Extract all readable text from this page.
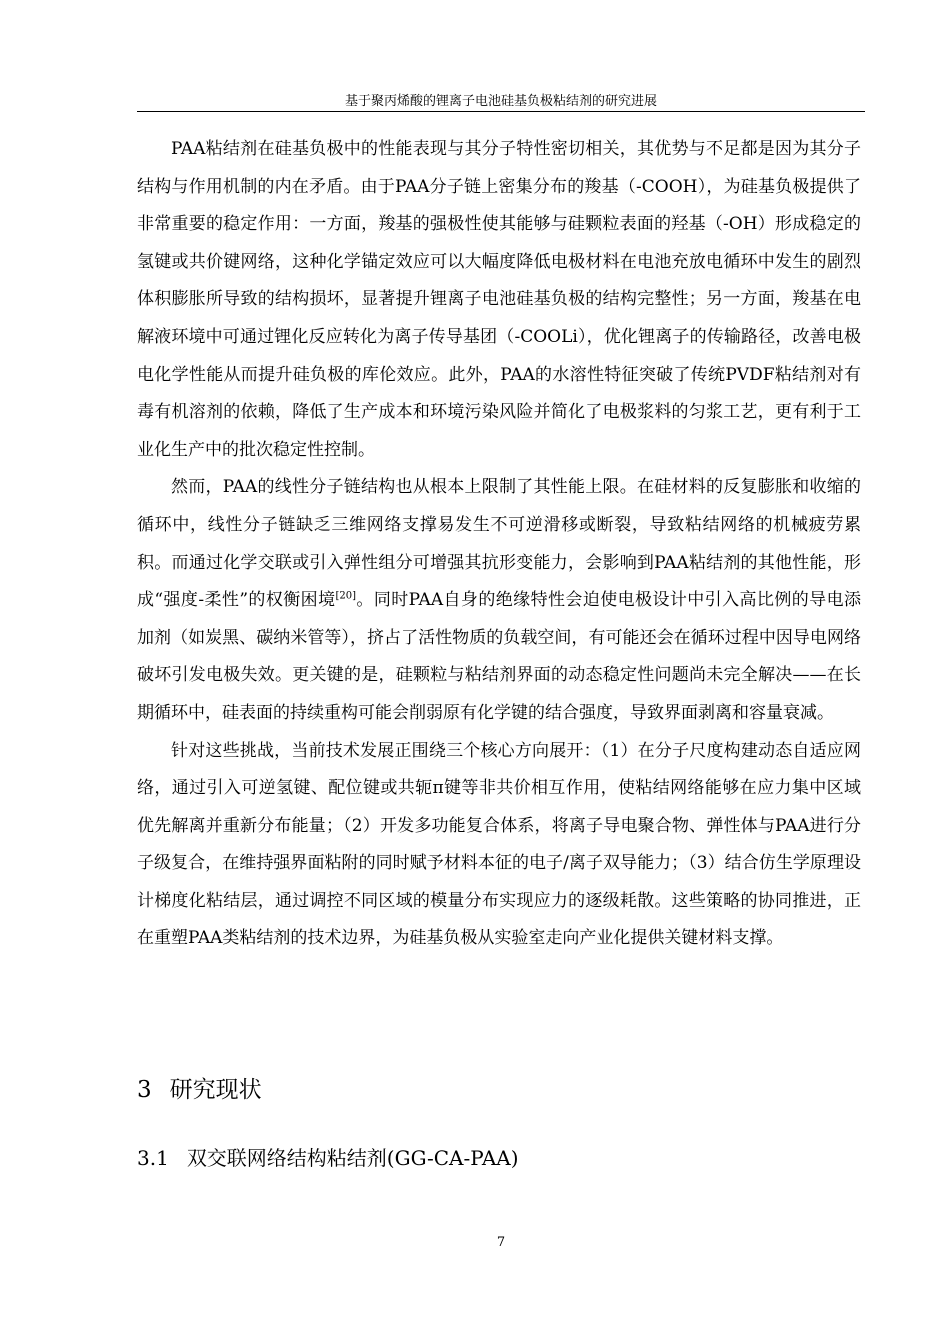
基于聚丙烯酸的锂离子电池硅基负极粘结剂的研究进展

PAA粘结剂在硅基负极中的性能表现与其分子特性密切相关，其优势与不足都是因为其分子结构与作用机制的内在矛盾。由于PAA分子链上密集分布的羧基（-COOH），为硅基负极提供了非常重要的稳定作用：一方面，羧基的强极性使其能够与硅颗粒表面的羟基（-OH）形成稳定的氢键或共价键网络，这种化学锚定效应可以大幅度降低电极材料在电池充放电循环中发生的剧烈体积膨胀所导致的结构损坏，显著提升锂离子电池硅基负极的结构完整性；另一方面，羧基在电解液环境中可通过锂化反应转化为离子传导基团（-COOLi），优化锂离子的传输路径，改善电极电化学性能从而提升硅负极的库伦效应。此外，PAA的水溶性特征突破了传统PVDF粘结剂对有毒有机溶剂的依赖，降低了生产成本和环境污染风险并简化了电极浆料的匀浆工艺，更有利于工业化生产中的批次稳定性控制。

然而，PAA的线性分子链结构也从根本上限制了其性能上限。在硅材料的反复膨胀和收缩的循环中，线性分子链缺乏三维网络支撑易发生不可逆滑移或断裂，导致粘结网络的机械疲劳累积。而通过化学交联或引入弹性组分可增强其抗形变能力，会影响到PAA粘结剂的其他性能，形成“强度-柔性”的权衡困境[20]。同时PAA自身的绝缘特性会迫使电极设计中引入高比例的导电添加剂（如炭黑、碳纳米管等），挤占了活性物质的负载空间，有可能还会在循环过程中因导电网络破坏引发电极失效。更关键的是，硅颗粒与粘结剂界面的动态稳定性问题尚未完全解决——在长期循环中，硅表面的持续重构可能会削弱原有化学键的结合强度，导致界面剥离和容量衰减。

针对这些挑战，当前技术发展正围绕三个核心方向展开：（1）在分子尺度构建动态自适应网络，通过引入可逆氢键、配位键或共轭π键等非共价相互作用，使粘结网络能够在应力集中区域优先解离并重新分布能量；（2）开发多功能复合体系，将离子导电聚合物、弹性体与PAA进行分子级复合，在维持强界面粘附的同时赋予材料本征的电子/离子双导能力；（3）结合仿生学原理设计梯度化粘结层，通过调控不同区域的模量分布实现应力的逐级耗散。这些策略的协同推进，正在重塑PAA类粘结剂的技术边界，为硅基负极从实验室走向产业化提供关键材料支撑。

3 研究现状
3.1 双交联网络结构粘结剂(GG-CA-PAA)
7
